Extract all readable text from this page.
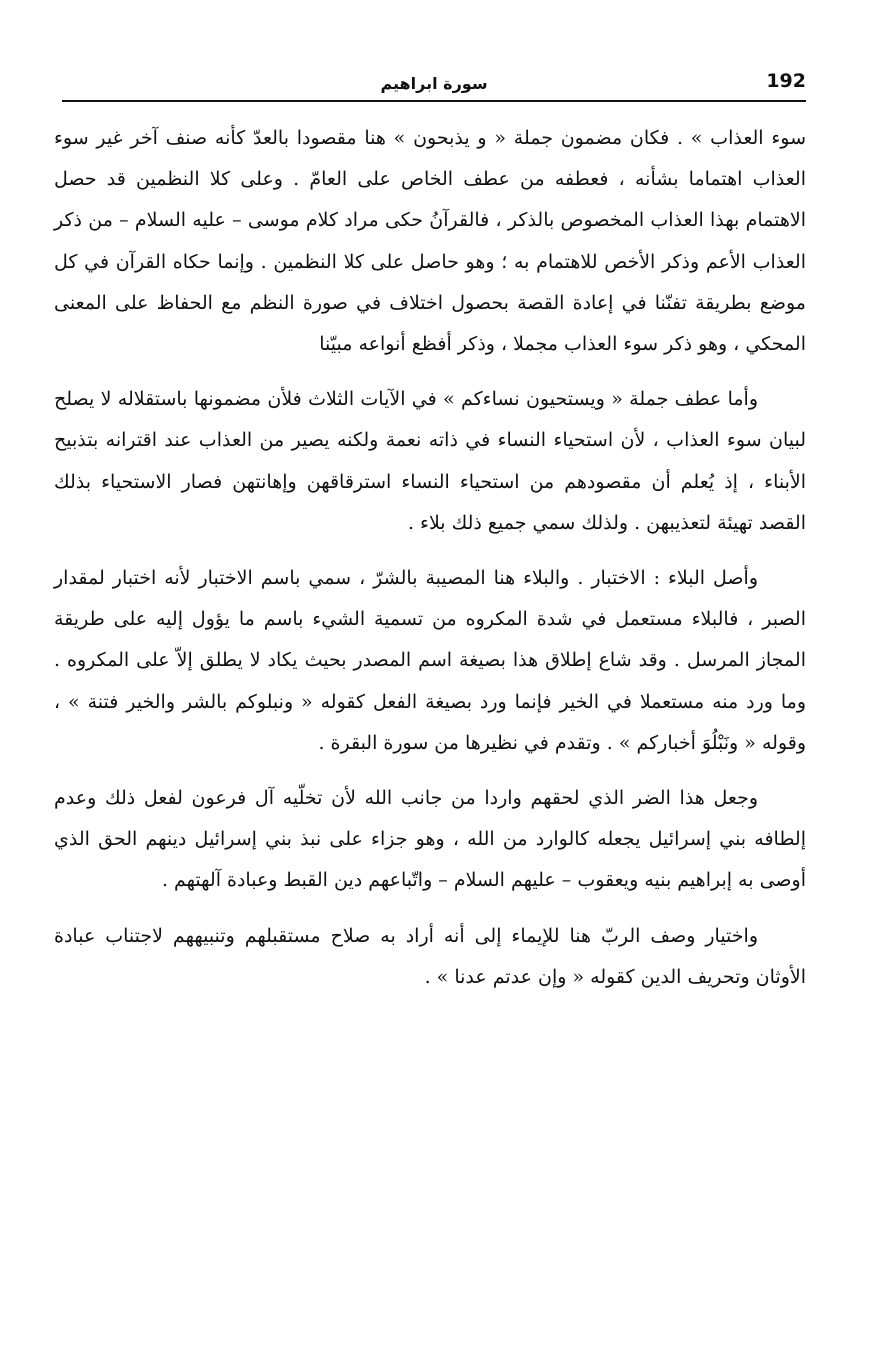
192
سورة ابراهيم

سوء العذاب » . فكان مضمون جملة « و يذبحون » هنا مقصودا بالعدّ كأنه صنف آخر غير سوء العذاب اهتماما بشأنه ، فعطفه من عطف الخاص على العامّ . وعلى كلا النظمين قد حصل الاهتمام بهذا العذاب المخصوص بالذكر ، فالقرآنُ حكى مراد كلام موسى – عليه السلام – من ذكر العذاب الأعم وذكر الأخص للاهتمام به ؛ وهو حاصل على كلا النظمين . وإنما حكاه القرآن في كل موضع بطريقة تفنّنا في إعادة القصة بحصول اختلاف في صورة النظم مع الحفاظ على المعنى المحكي ، وهو ذكر سوء العذاب مجملا ، وذكر أفظع أنواعه مبيّنا

وأما عطف جملة « ويستحيون نساءكم » في الآيات الثلاث فلأن مضمونها باستقلاله لا يصلح لبيان سوء العذاب ، لأن استحياء النساء في ذاته نعمة ولكنه يصير من العذاب عند اقترانه بتذبيح الأبناء ، إذ يُعلم أن مقصودهم من استحياء النساء استرقاقهن وإهانتهن فصار الاستحياء بذلك القصد تهيئة لتعذيبهن . ولذلك سمي جميع ذلك بلاء .

وأصل البلاء : الاختبار . والبلاء هنا المصيبة بالشرّ ، سمي باسم الاختبار لأنه اختبار لمقدار الصبر ، فالبلاء مستعمل في شدة المكروه من تسمية الشيء باسم ما يؤول إليه على طريقة المجاز المرسل . وقد شاع إطلاق هذا بصيغة اسم المصدر بحيث يكاد لا يطلق إلاّ على المكروه . وما ورد منه مستعملا في الخير فإنما ورد بصيغة الفعل كقوله « ونبلوكم بالشر والخير فتنة » ، وقوله « ونَبْلُوَ أخباركم » . وتقدم في نظيرها من سورة البقرة .

وجعل هذا الضر الذي لحقهم واردا من جانب الله لأن تخلّيه آل فرعون لفعل ذلك وعدم إلطافه بني إسرائيل يجعله كالوارد من الله ، وهو جزاء على نبذ بني إسرائيل دينهم الحق الذي أوصى به إبراهيم بنيه ويعقوب – عليهم السلام – واتّباعهم دين القبط وعبادة آلهتهم .

واختيار وصف الربّ هنا للإيماء إلى أنه أراد به صلاح مستقبلهم وتنبيههم لاجتناب عبادة الأوثان وتحريف الدين كقوله « وإن عدتم عدنا » .
